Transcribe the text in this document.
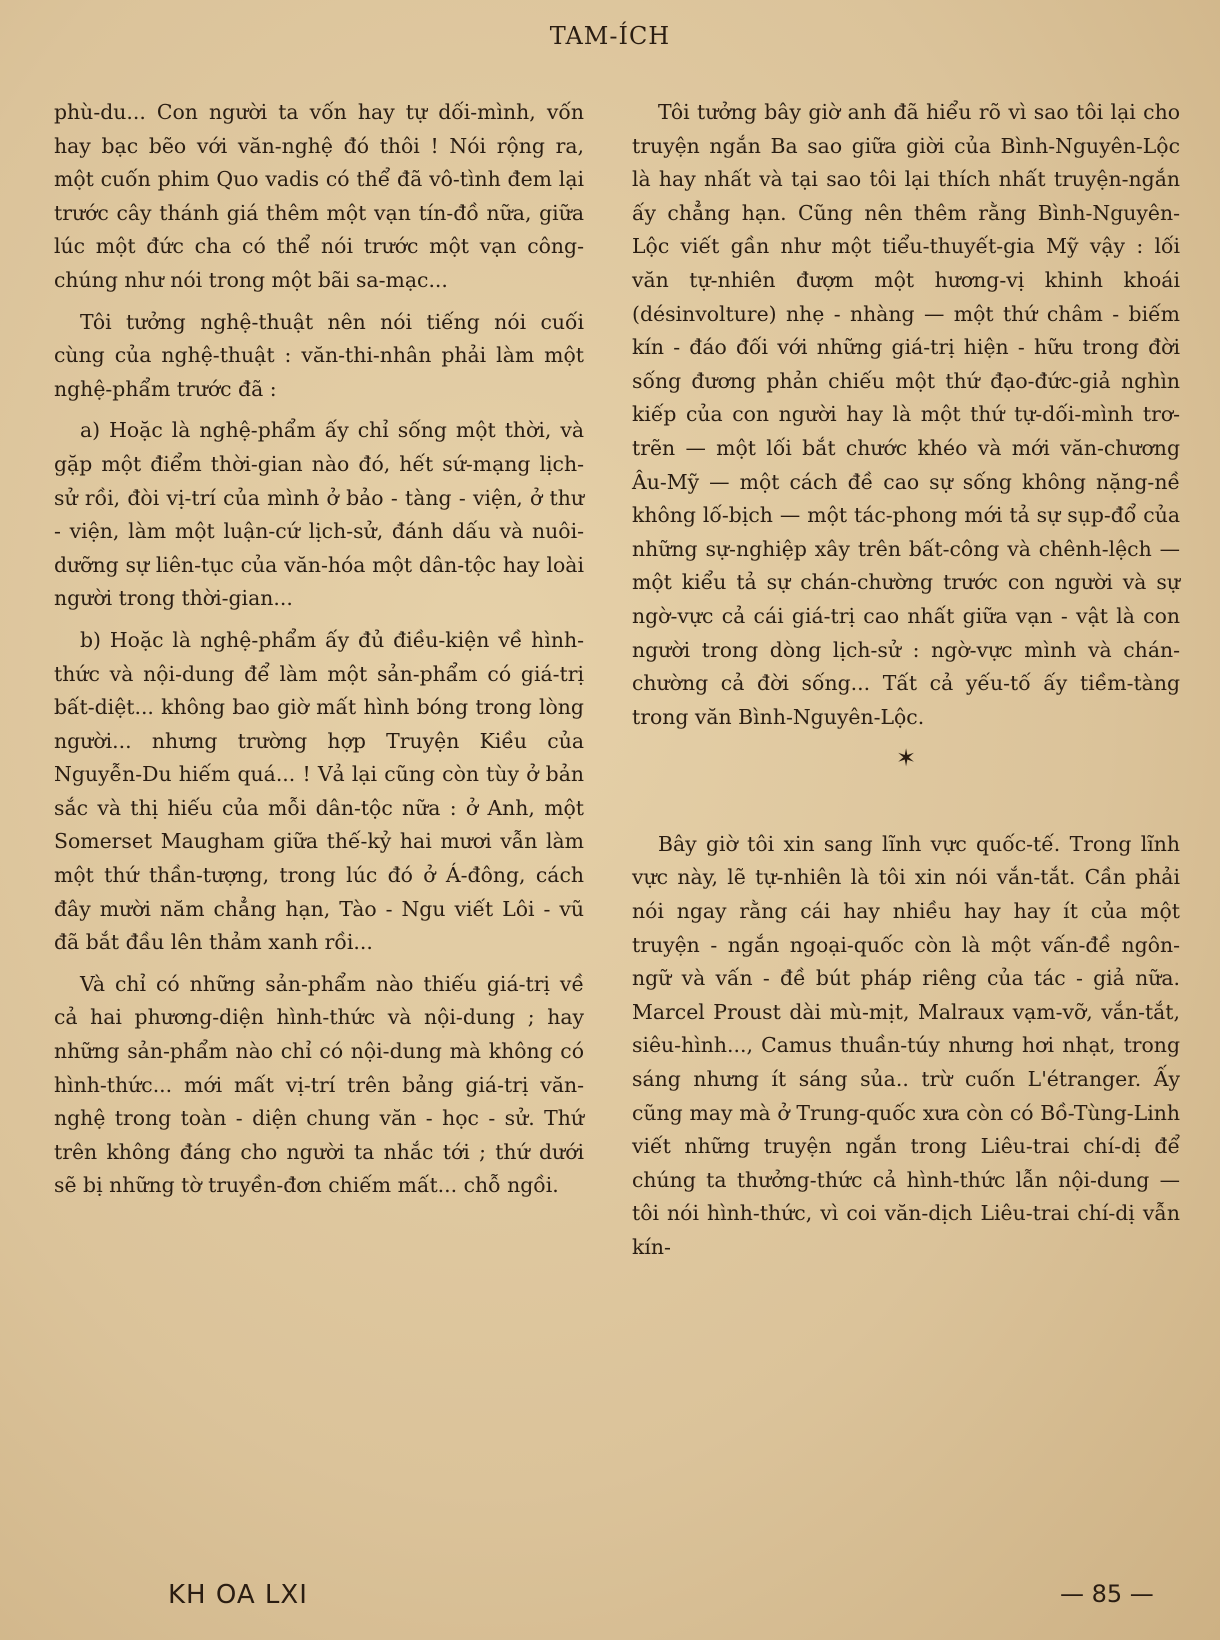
TAM-ÍCH

phù-du... Con người ta vốn hay tự dối-mình, vốn hay bạc bẽo với văn-nghệ đó thôi ! Nói rộng ra, một cuốn phim Quo vadis có thể đã vô-tình đem lại trước cây thánh giá thêm một vạn tín-đồ nữa, giữa lúc một đức cha có thể nói trước một vạn công-chúng như nói trong một bãi sa-mạc...

Tôi tưởng nghệ-thuật nên nói tiếng nói cuối cùng của nghệ-thuật : văn-thi-nhân phải làm một nghệ-phẩm trước đã :

a) Hoặc là nghệ-phẩm ấy chỉ sống một thời, và gặp một điểm thời-gian nào đó, hết sứ-mạng lịch-sử rồi, đòi vị-trí của mình ở bảo - tàng - viện, ở thư - viện, làm một luận-cứ lịch-sử, đánh dấu và nuôi-dưỡng sự liên-tục của văn-hóa một dân-tộc hay loài người trong thời-gian...

b) Hoặc là nghệ-phẩm ấy đủ điều-kiện về hình-thức và nội-dung để làm một sản-phẩm có giá-trị bất-diệt... không bao giờ mất hình bóng trong lòng người... nhưng trường hợp Truyện Kiều của Nguyễn-Du hiếm quá... ! Vả lại cũng còn tùy ở bản sắc và thị hiếu của mỗi dân-tộc nữa : ở Anh, một Somerset Maugham giữa thế-kỷ hai mươi vẫn làm một thứ thần-tượng, trong lúc đó ở Á-đông, cách đây mười năm chẳng hạn, Tào - Ngu viết Lôi - vũ đã bắt đầu lên thảm xanh rồi...

Và chỉ có những sản-phẩm nào thiếu giá-trị về cả hai phương-diện hình-thức và nội-dung ; hay những sản-phẩm nào chỉ có nội-dung mà không có hình-thức... mới mất vị-trí trên bảng giá-trị văn-nghệ trong toàn - diện chung văn - học - sử. Thứ trên không đáng cho người ta nhắc tới ; thứ dưới sẽ bị những tờ truyền-đơn chiếm mất... chỗ ngồi.

Tôi tưởng bây giờ anh đã hiểu rõ vì sao tôi lại cho truyện ngắn Ba sao giữa giời của Bình-Nguyên-Lộc là hay nhất và tại sao tôi lại thích nhất truyện-ngắn ấy chẳng hạn. Cũng nên thêm rằng Bình-Nguyên-Lộc viết gần như một tiểu-thuyết-gia Mỹ vậy : lối văn tự-nhiên đượm một hương-vị khinh khoái (désinvolture) nhẹ - nhàng — một thứ châm - biếm kín - đáo đối với những giá-trị hiện - hữu trong đời sống đương phản chiếu một thứ đạo-đức-giả nghìn kiếp của con người hay là một thứ tự-dối-mình trơ-trẽn — một lối bắt chước khéo và mới văn-chương Âu-Mỹ — một cách đề cao sự sống không nặng-nề không lố-bịch — một tác-phong mới tả sự sụp-đổ của những sự-nghiệp xây trên bất-công và chênh-lệch — một kiểu tả sự chán-chường trước con người và sự ngờ-vực cả cái giá-trị cao nhất giữa vạn - vật là con người trong dòng lịch-sử : ngờ-vực mình và chán-chường cả đời sống... Tất cả yếu-tố ấy tiềm-tàng trong văn Bình-Nguyên-Lộc.

✶

Bây giờ tôi xin sang lĩnh vực quốc-tế. Trong lĩnh vực này, lẽ tự-nhiên là tôi xin nói vắn-tắt. Cần phải nói ngay rằng cái hay nhiều hay hay ít của một truyện - ngắn ngoại-quốc còn là một vấn-đề ngôn-ngữ và vấn - đề bút pháp riêng của tác - giả nữa. Marcel Proust dài mù-mịt, Malraux vạm-vỡ, vắn-tắt, siêu-hình..., Camus thuần-túy nhưng hơi nhạt, trong sáng nhưng ít sáng sủa.. trừ cuốn L'étranger. Ấy cũng may mà ở Trung-quốc xưa còn có Bồ-Tùng-Linh viết những truyện ngắn trong Liêu-trai chí-dị để chúng ta thưởng-thức cả hình-thức lẫn nội-dung — tôi nói hình-thức, vì coi văn-dịch Liêu-trai chí-dị vẫn kín-

KH OA LXI	— 85 —
